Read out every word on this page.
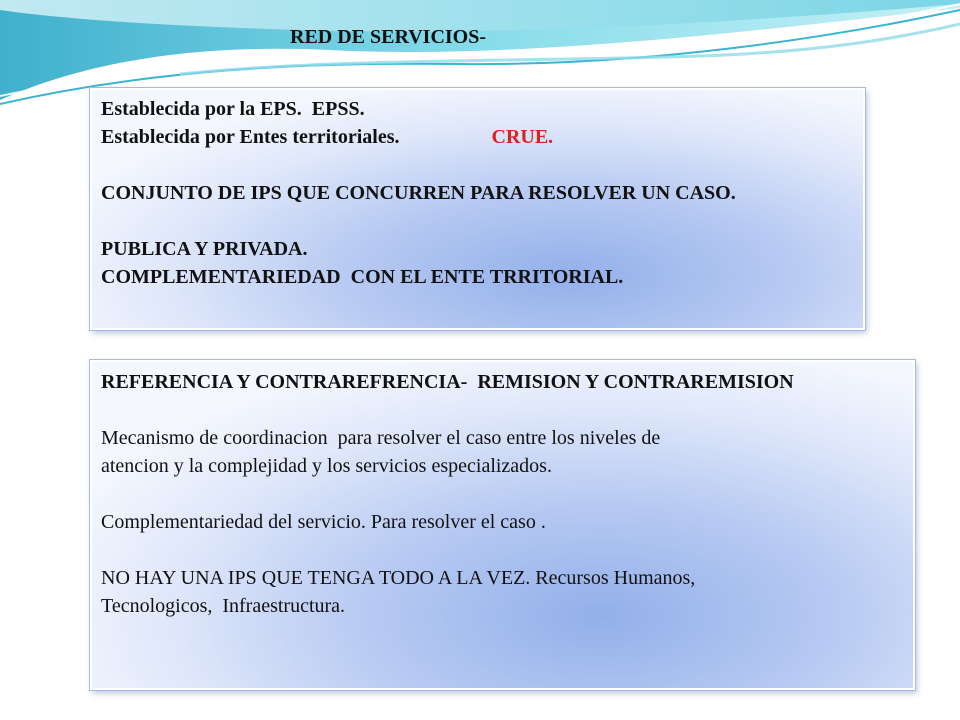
RED DE SERVICIOS-
Establecida por la EPS.  EPSS.
Establecida por Entes territoriales.	CRUE.
CONJUNTO DE IPS QUE CONCURREN PARA RESOLVER UN CASO.
PUBLICA Y PRIVADA.
COMPLEMENTARIEDAD  CON EL ENTE TRRITORIAL.
REFERENCIA Y CONTRAREFRENCIA-  REMISION Y CONTRAREMISION
Mecanismo de coordinacion  para resolver el caso entre los niveles de
atencion y la complejidad y los servicios especializados.
Complementariedad del servicio. Para resolver el caso .
NO HAY UNA IPS QUE TENGA TODO A LA VEZ. Recursos Humanos,
Tecnologicos,  Infraestructura.
